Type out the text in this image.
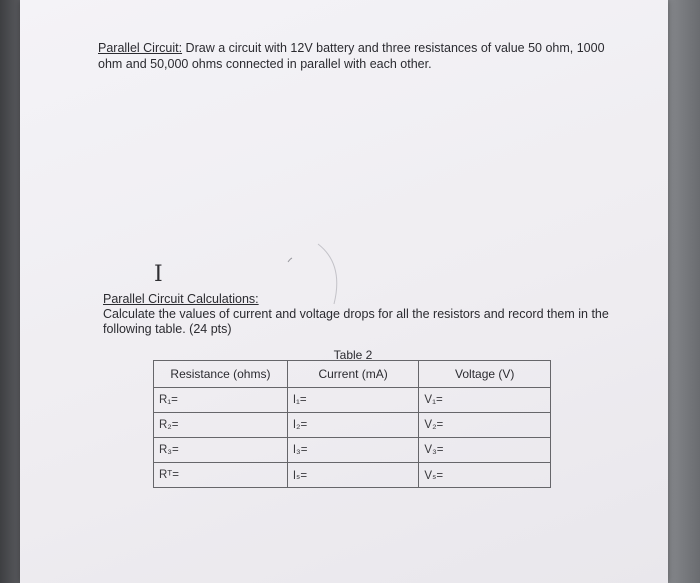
Parallel Circuit: Draw a circuit with 12V battery and three resistances of value 50 ohm, 1000 ohm and 50,000 ohms connected in parallel with each other.
I
Parallel Circuit Calculations:
Calculate the values of current and voltage drops for all the resistors and record them in the following table. (24 pts)
Table 2
Resistance (ohms)	Current (mA)	Voltage (V)
R₁=	I₁=	V₁=
R₂=	I₂=	V₂=
R₃=	I₃=	V₃=
Rᵀ=	Iₛ=	Vₛ=
